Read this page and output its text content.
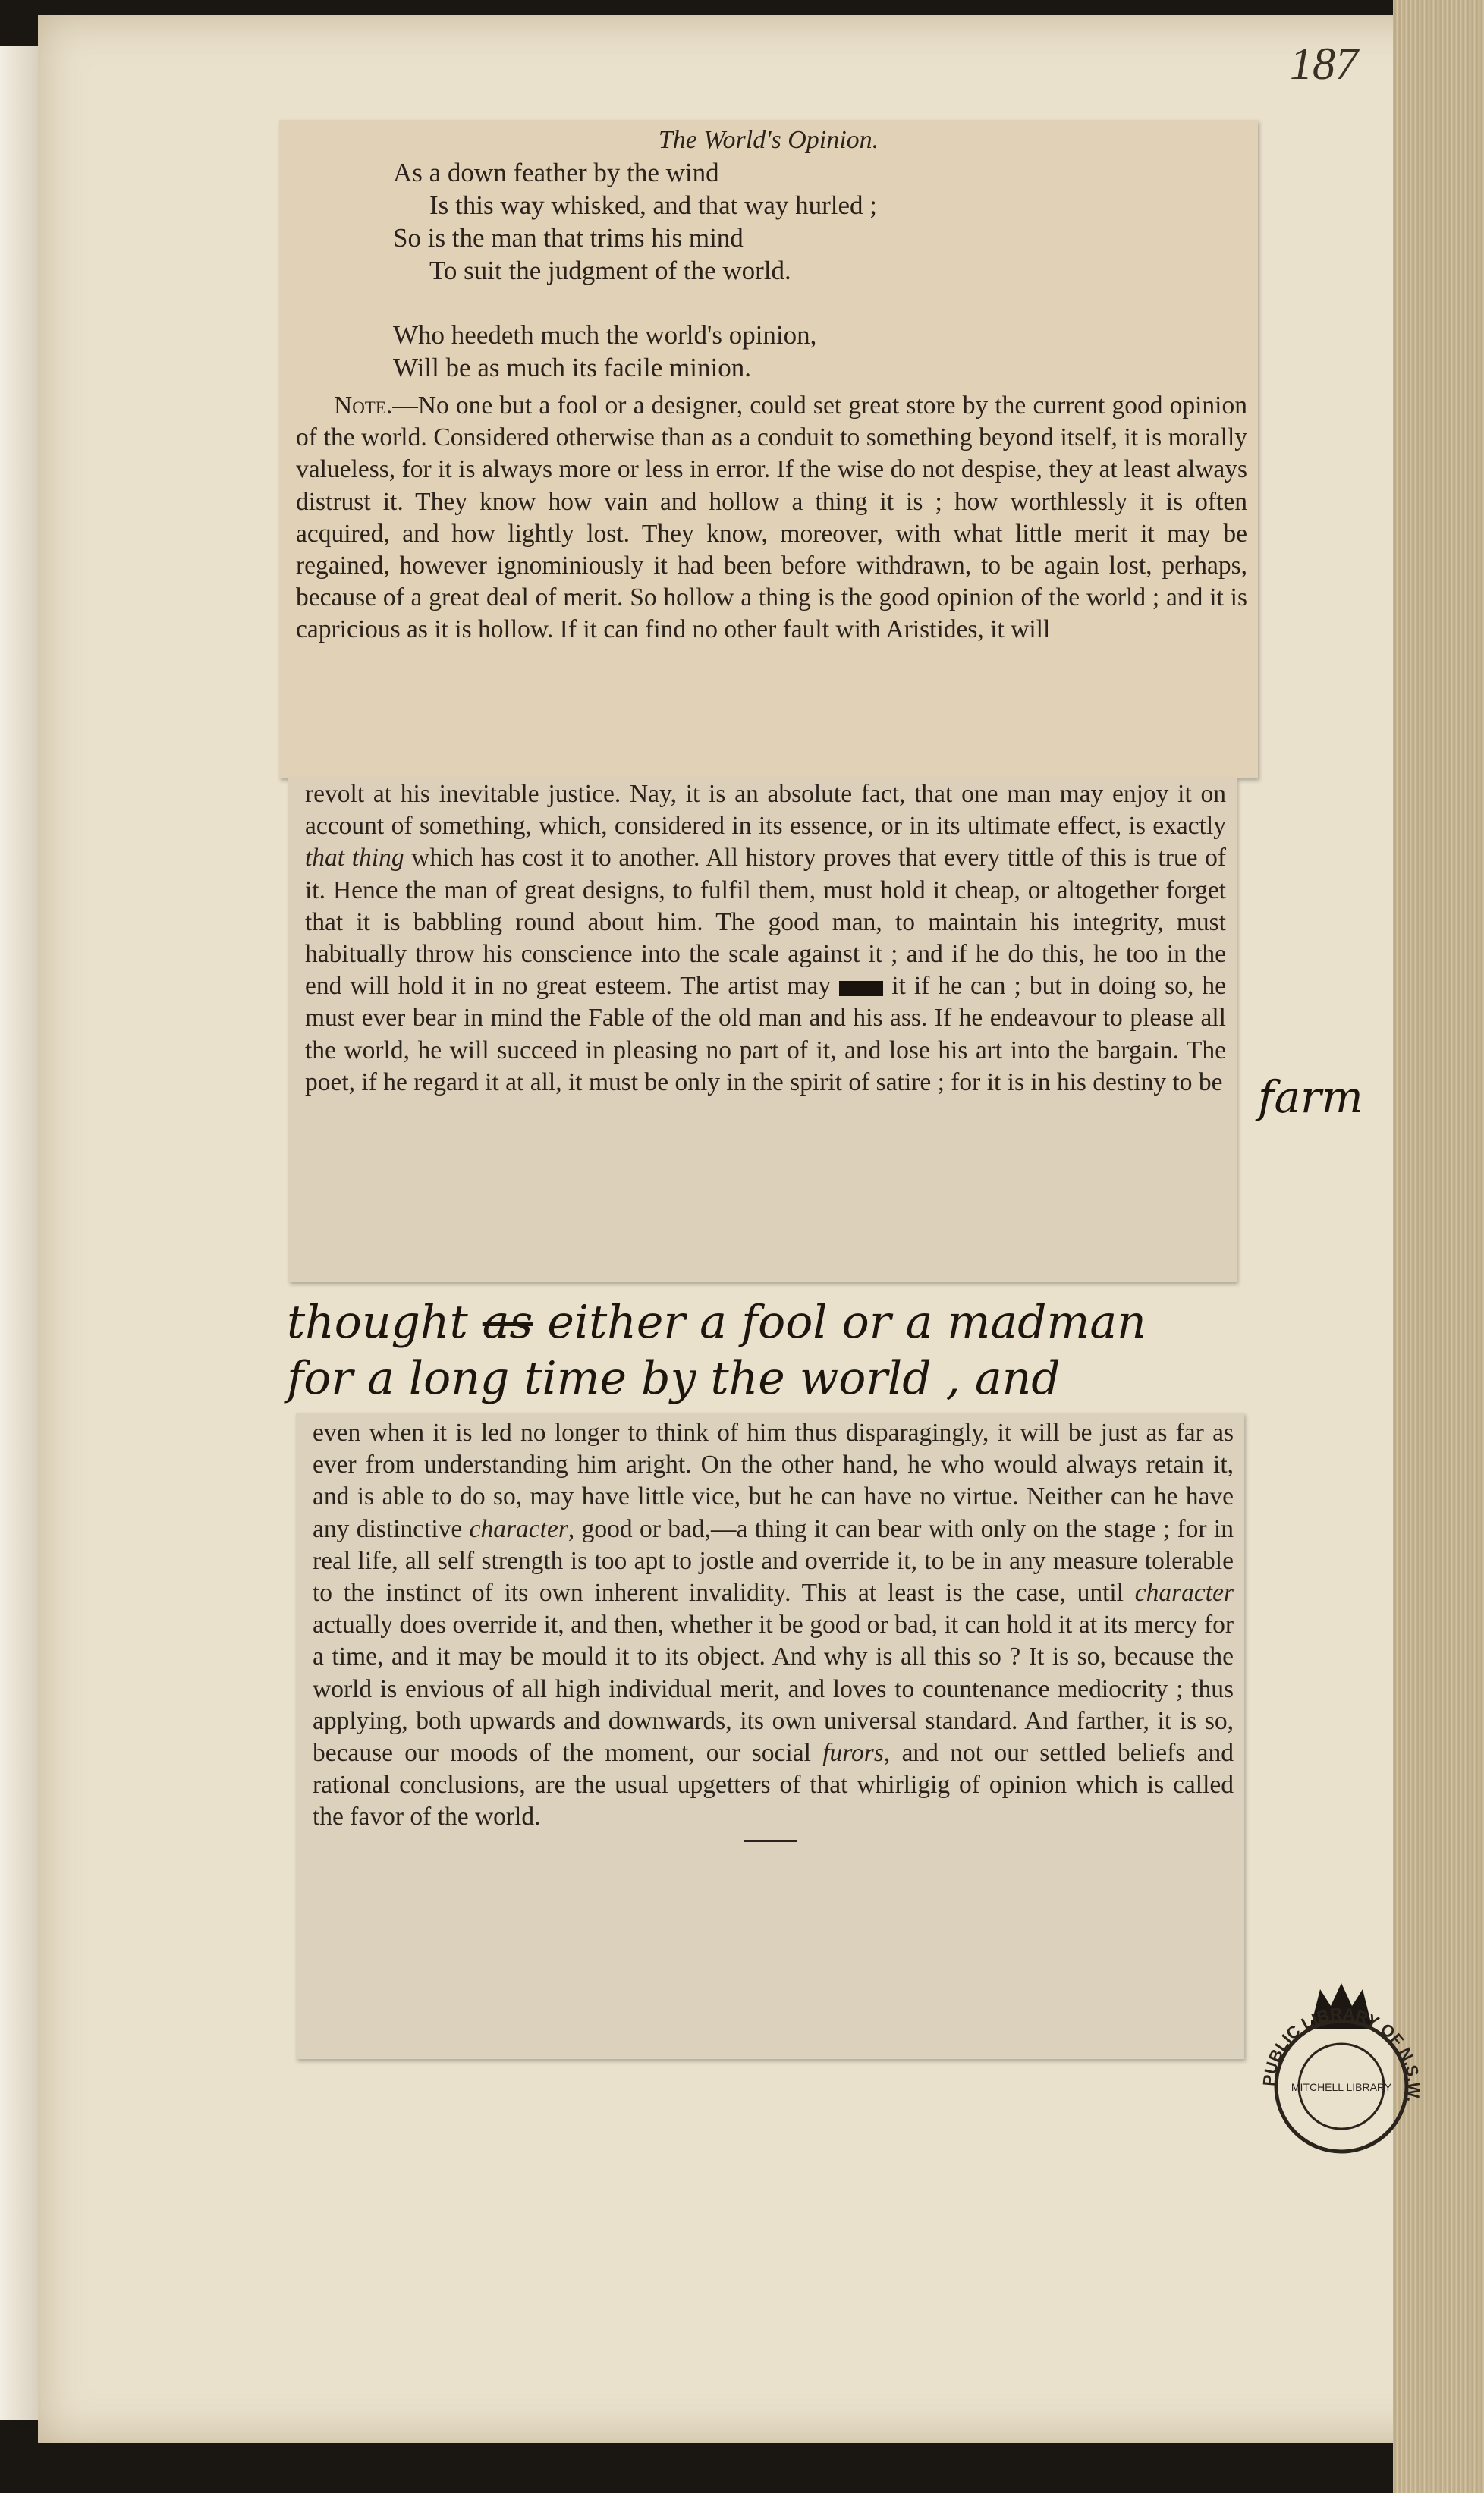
187
The World's Opinion.
As a down feather by the wind
Is this way whisked, and that way hurled ;
So is the man that trims his mind
To suit the judgment of the world.
Who heedeth much the world's opinion,
Will be as much its facile minion.
Note.—No one but a fool or a designer, could set great store by the current good opinion of the world. Considered otherwise than as a conduit to something beyond itself, it is morally valueless, for it is always more or less in error. If the wise do not despise, they at least always distrust it. They know how vain and hollow a thing it is ; how worthlessly it is often acquired, and how lightly lost. They know, moreover, with what little merit it may be regained, however ignominiously it had been before withdrawn, to be again lost, perhaps, because of a great deal of merit. So hollow a thing is the good opinion of the world ; and it is capricious as it is hollow. If it can find no other fault with Aristides, it will
revolt at his inevitable justice. Nay, it is an absolute fact, that one man may enjoy it on account of something, which, considered in its essence, or in its ultimate effect, is exactly that thing which has cost it to another. All history proves that every tittle of this is true of it. Hence the man of great designs, to fulfil them, must hold it cheap, or altogether forget that it is babbling round about him. The good man, to maintain his integrity, must habitually throw his conscience into the scale against it ; and if he do this, he too in the end will hold it in no great esteem. The artist may it if he can ; but in doing so, he must ever bear in mind the Fable of the old man and his ass. If he endeavour to please all the world, he will succeed in pleasing no part of it, and lose his art into the bargain. The poet, if he regard it at all, it must be only in the spirit of satire ; for it is in his destiny to be
thought as either a fool or a madman
for a long time by the world , and
farm
even when it is led no longer to think of him thus disparagingly, it will be just as far as ever from understanding him aright. On the other hand, he who would always retain it, and is able to do so, may have little vice, but he can have no virtue. Neither can he have any distinctive character, good or bad,—a thing it can bear with only on the stage ; for in real life, all self strength is too apt to jostle and override it, to be in any measure tolerable to the instinct of its own inherent invalidity. This at least is the case, until character actually does override it, and then, whether it be good or bad, it can hold it at its mercy for a time, and it may be mould it to its object. And why is all this so ? It is so, because the world is envious of all high individual merit, and loves to countenance mediocrity ; thus applying, both upwards and downwards, its own universal standard. And farther, it is so, because our moods of the moment, our social furors, and not our settled beliefs and rational conclusions, are the usual upgetters of that whirligig of opinion which is called the favor of the world.
PUBLIC LIBRARY OF N.S.W.
MITCHELL LIBRARY
